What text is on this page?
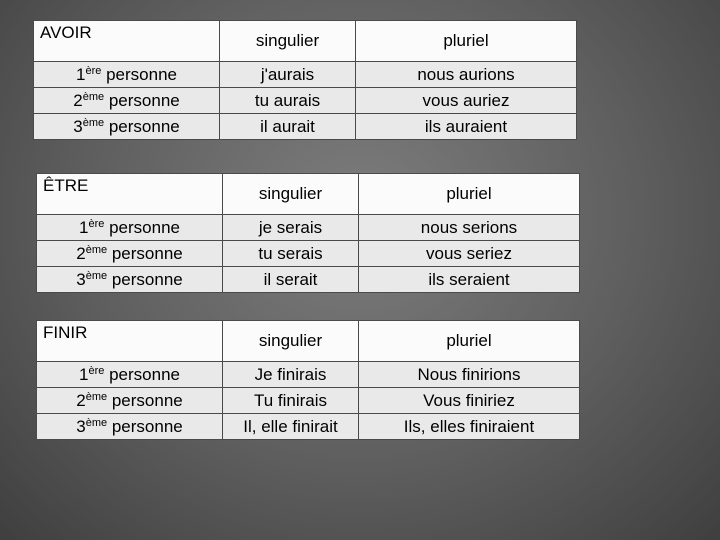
AVOIR	singulier	pluriel
1ère personne	j'aurais	nous aurions
2ème personne	tu aurais	vous auriez
3ème personne	il aurait	ils auraient
ÊTRE	singulier	pluriel
1ère personne	je serais	nous serions
2ème personne	tu serais	vous seriez
3ème personne	il serait	ils seraient
FINIR	singulier	pluriel
1ère personne	Je finirais	Nous finirions
2ème personne	Tu finirais	Vous finiriez
3ème personne	Il, elle finirait	Ils, elles finiraient
